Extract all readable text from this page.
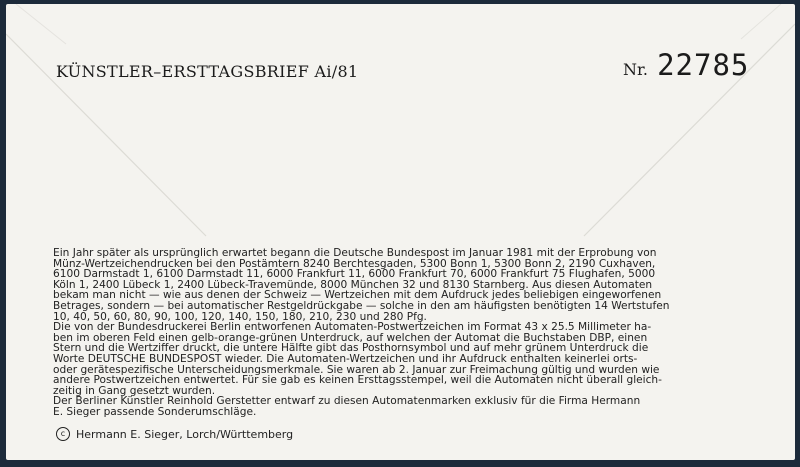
KÜNSTLER–ERSTTAGSBRIEF Ai/81	Nr. 22785

Ein Jahr später als ursprünglich erwartet begann die Deutsche Bundespost im Januar 1981 mit der Erprobung von
Münz-Wertzeichendrucken bei den Postämtern 8240 Berchtesgaden, 5300 Bonn 1, 5300 Bonn 2, 2190 Cuxhaven,
6100 Darmstadt 1, 6100 Darmstadt 11, 6000 Frankfurt 11, 6000 Frankfurt 70, 6000 Frankfurt 75 Flughafen, 5000
Köln 1, 2400 Lübeck 1, 2400 Lübeck-Travemünde, 8000 München 32 und 8130 Starnberg. Aus diesen Automaten
bekam man nicht — wie aus denen der Schweiz — Wertzeichen mit dem Aufdruck jedes beliebigen eingeworfenen
Betrages, sondern — bei automatischer Restgeldrückgabe — solche in den am häufigsten benötigten 14 Wertstufen
10, 40, 50, 60, 80, 90, 100, 120, 140, 150, 180, 210, 230 und 280 Pfg.
Die von der Bundesdruckerei Berlin entworfenen Automaten-Postwertzeichen im Format 43 x 25.5 Millimeter ha-
ben im oberen Feld einen gelb-orange-grünen Unterdruck, auf welchen der Automat die Buchstaben DBP, einen
Stern und die Wertziffer druckt, die untere Hälfte gibt das Posthornsymbol und auf mehr grünem Unterdruck die
Worte DEUTSCHE BUNDESPOST wieder. Die Automaten-Wertzeichen und ihr Aufdruck enthalten keinerlei orts-
oder gerätespezifische Unterscheidungsmerkmale. Sie waren ab 2. Januar zur Freimachung gültig und wurden wie
andere Postwertzeichen entwertet. Für sie gab es keinen Ersttagsstempel, weil die Automaten nicht überall gleich-
zeitig in Gang gesetzt wurden.
Der Berliner Künstler Reinhold Gerstetter entwarf zu diesen Automatenmarken exklusiv für die Firma Hermann
E. Sieger passende Sonderumschläge.

c Hermann E. Sieger, Lorch/Württemberg
